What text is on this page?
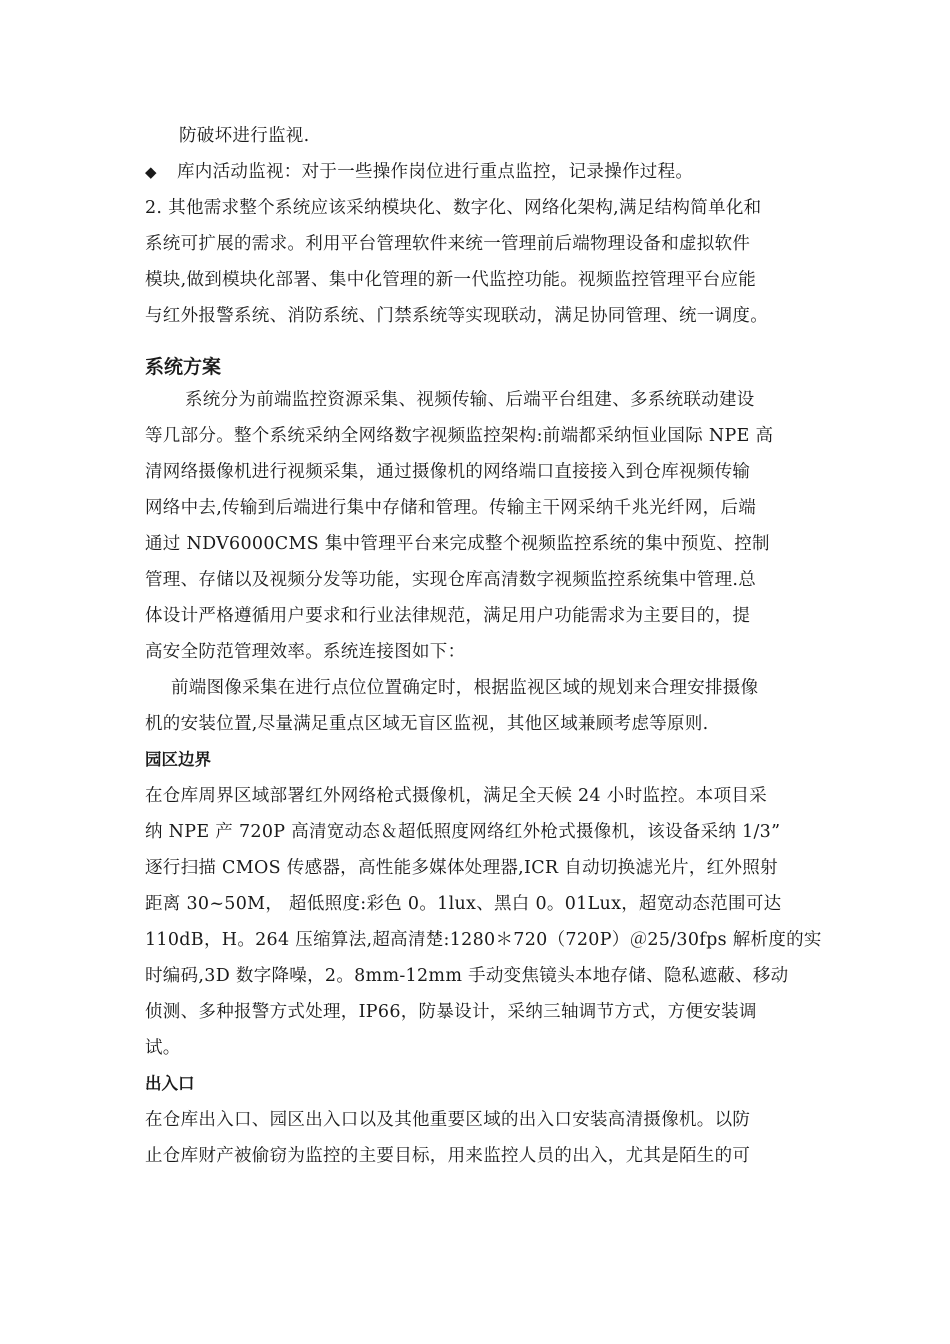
防破坏进行监视.
◆	库内活动监视：对于一些操作岗位进行重点监控，记录操作过程。
2. 其他需求整个系统应该采纳模块化、数字化、网络化架构,满足结构简单化和
系统可扩展的需求。利用平台管理软件来统一管理前后端物理设备和虚拟软件
模块,做到模块化部署、集中化管理的新一代监控功能。视频监控管理平台应能
与红外报警系统、消防系统、门禁系统等实现联动，满足协同管理、统一调度。
系统方案
系统分为前端监控资源采集、视频传输、后端平台组建、多系统联动建设
等几部分。整个系统采纳全网络数字视频监控架构:前端都采纳恒业国际 NPE 高
清网络摄像机进行视频采集，通过摄像机的网络端口直接接入到仓库视频传输
网络中去,传输到后端进行集中存储和管理。传输主干网采纳千兆光纤网，后端
通过 NDV6000CMS 集中管理平台来完成整个视频监控系统的集中预览、控制
管理、存储以及视频分发等功能，实现仓库高清数字视频监控系统集中管理.总
体设计严格遵循用户要求和行业法律规范，满足用户功能需求为主要目的，提
高安全防范管理效率。系统连接图如下：
前端图像采集在进行点位位置确定时，根据监视区域的规划来合理安排摄像
机的安装位置,尽量满足重点区域无盲区监视，其他区域兼顾考虑等原则.
园区边界
在仓库周界区域部署红外网络枪式摄像机，满足全天候 24 小时监控。本项目采
纳 NPE 产 720P 高清宽动态＆超低照度网络红外枪式摄像机，该设备采纳 1/3”
逐行扫描 CMOS 传感器，高性能多媒体处理器,ICR 自动切换滤光片，红外照射
距离 30~50M， 超低照度:彩色 0。1lux、黑白 0。01Lux，超宽动态范围可达
110dB，H。264 压缩算法,超高清楚:1280＊720（720P）＠25/30fps 解析度的实
时编码,3D 数字降噪，2。8mm-12mm 手动变焦镜头本地存储、隐私遮蔽、移动
侦测、多种报警方式处理，IP66，防暴设计，采纳三轴调节方式，方便安装调
试。
出入口
在仓库出入口、园区出入口以及其他重要区域的出入口安装高清摄像机。以防
止仓库财产被偷窃为监控的主要目标，用来监控人员的出入，尤其是陌生的可
